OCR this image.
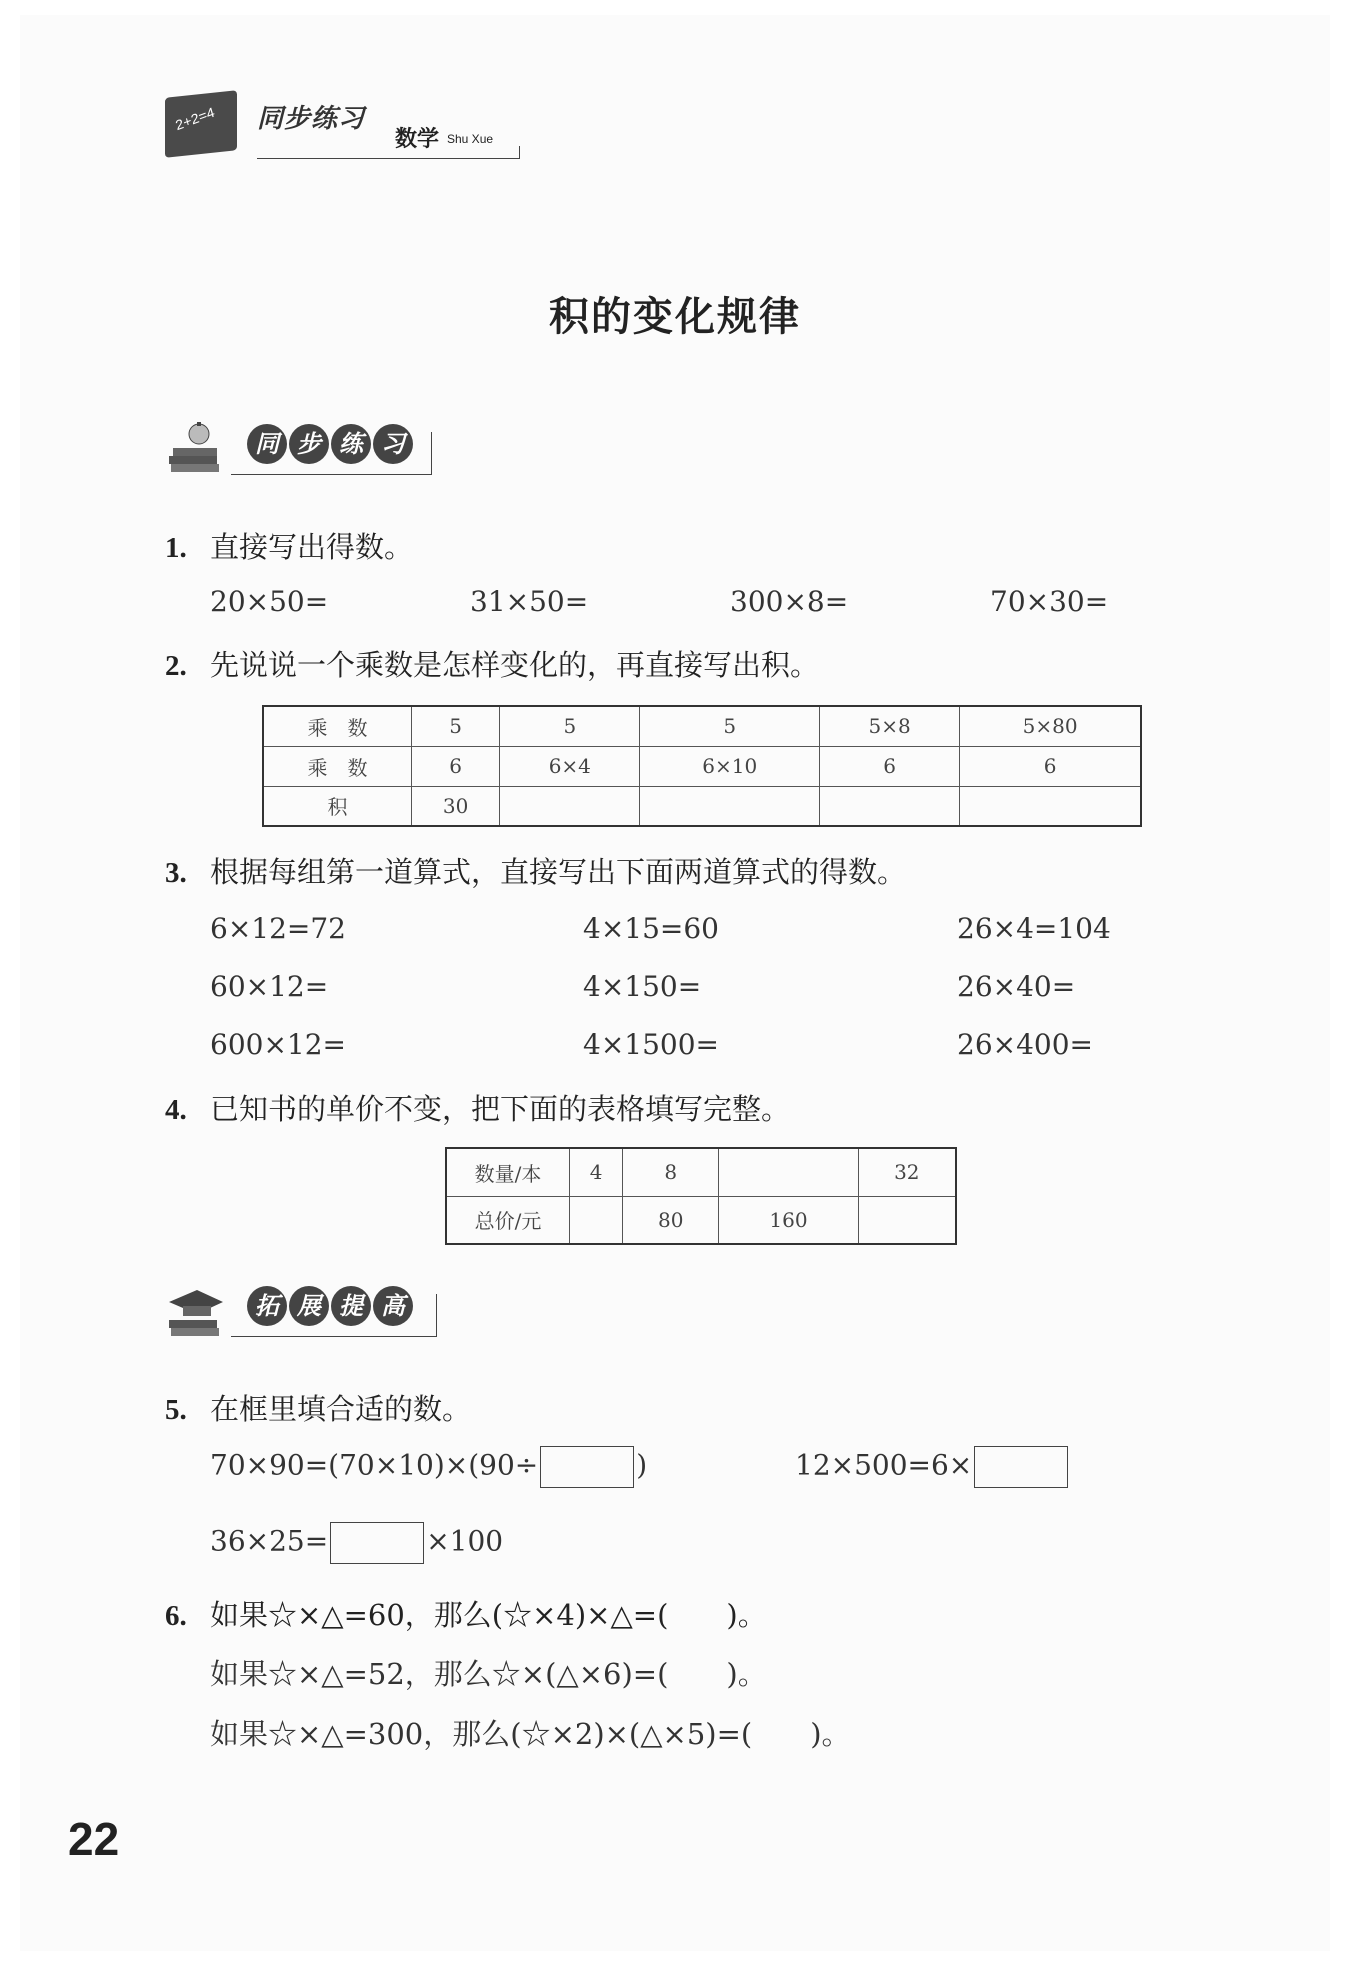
2+2=4	同步练习
数学 Shu Xue
积的变化规律
同 步 练 习
1. 直接写出得数。
20×50=	31×50=	300×8=	70×30=
2. 先说说一个乘数是怎样变化的，再直接写出积。
乘　数	5	5	5	5×8	5×80
乘　数	6	6×4	6×10	6	6
积	30				
3. 根据每组第一道算式，直接写出下面两道算式的得数。
6×12=72
60×12=
600×12=
4×15=60
4×150=
4×1500=
26×4=104
26×40=
26×400=
4. 已知书的单价不变，把下面的表格填写完整。
数量/本	4	8		32
总价/元		80	160	
拓 展 提 高
5. 在框里填合适的数。
70×90=(70×10)×(90÷	)	12×500=6×
36×25=	×100
6. 如果☆×△=60，那么(☆×4)×△=(　　)。
如果☆×△=52，那么☆×(△×6)=(　　)。
如果☆×△=300，那么(☆×2)×(△×5)=(　　)。
22
